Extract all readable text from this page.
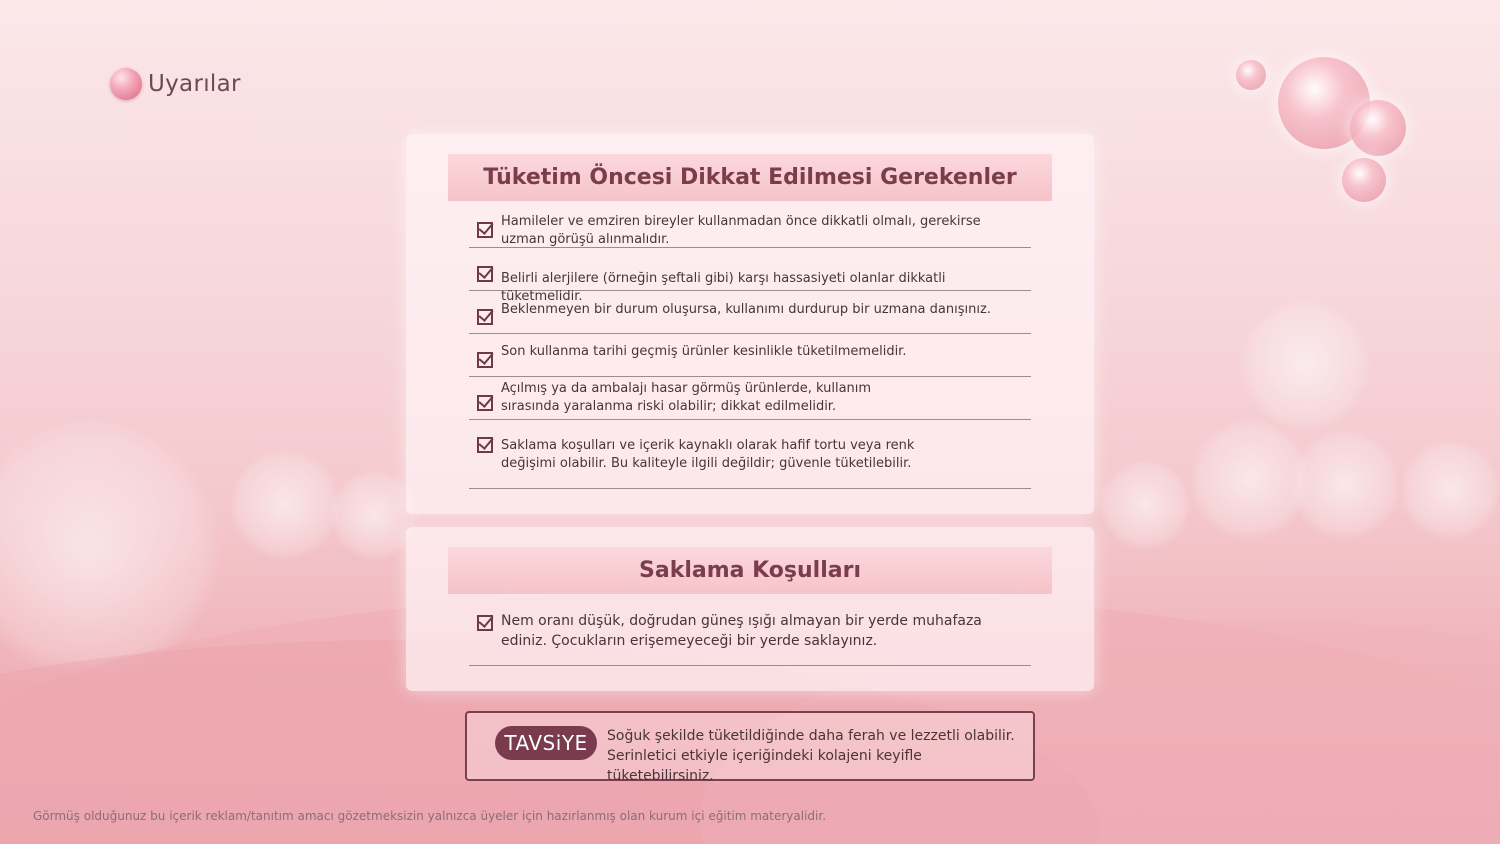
Uyarılar
Tüketim Öncesi Dikkat Edilmesi Gerekenler
Hamileler ve emziren bireyler kullanmadan önce dikkatli olmalı, gerekirse uzman görüşü alınmalıdır.
Belirli alerjilere (örneğin şeftali gibi) karşı hassasiyeti olanlar dikkatli tüketmelidir.
Beklenmeyen bir durum oluşursa, kullanımı durdurup bir uzmana danışınız.
Son kullanma tarihi geçmiş ürünler kesinlikle tüketilmemelidir.
Açılmış ya da ambalajı hasar görmüş ürünlerde, kullanım sırasında yaralanma riski olabilir; dikkat edilmelidir.
Saklama koşulları ve içerik kaynaklı olarak hafif tortu veya renk değişimi olabilir. Bu kaliteyle ilgili değildir; güvenle tüketilebilir.
Saklama Koşulları
Nem oranı düşük, doğrudan güneş ışığı almayan bir yerde muhafaza ediniz. Çocukların erişemeyeceği bir yerde saklayınız.
TAVSiYE	Soğuk şekilde tüketildiğinde daha ferah ve lezzetli olabilir.
Serinletici etkiyle içeriğindeki kolajeni keyifle tüketebilirsiniz.
Görmüş olduğunuz bu içerik reklam/tanıtım amacı gözetmeksizin yalnızca üyeler için hazırlanmış olan kurum içi eğitim materyalidir.
